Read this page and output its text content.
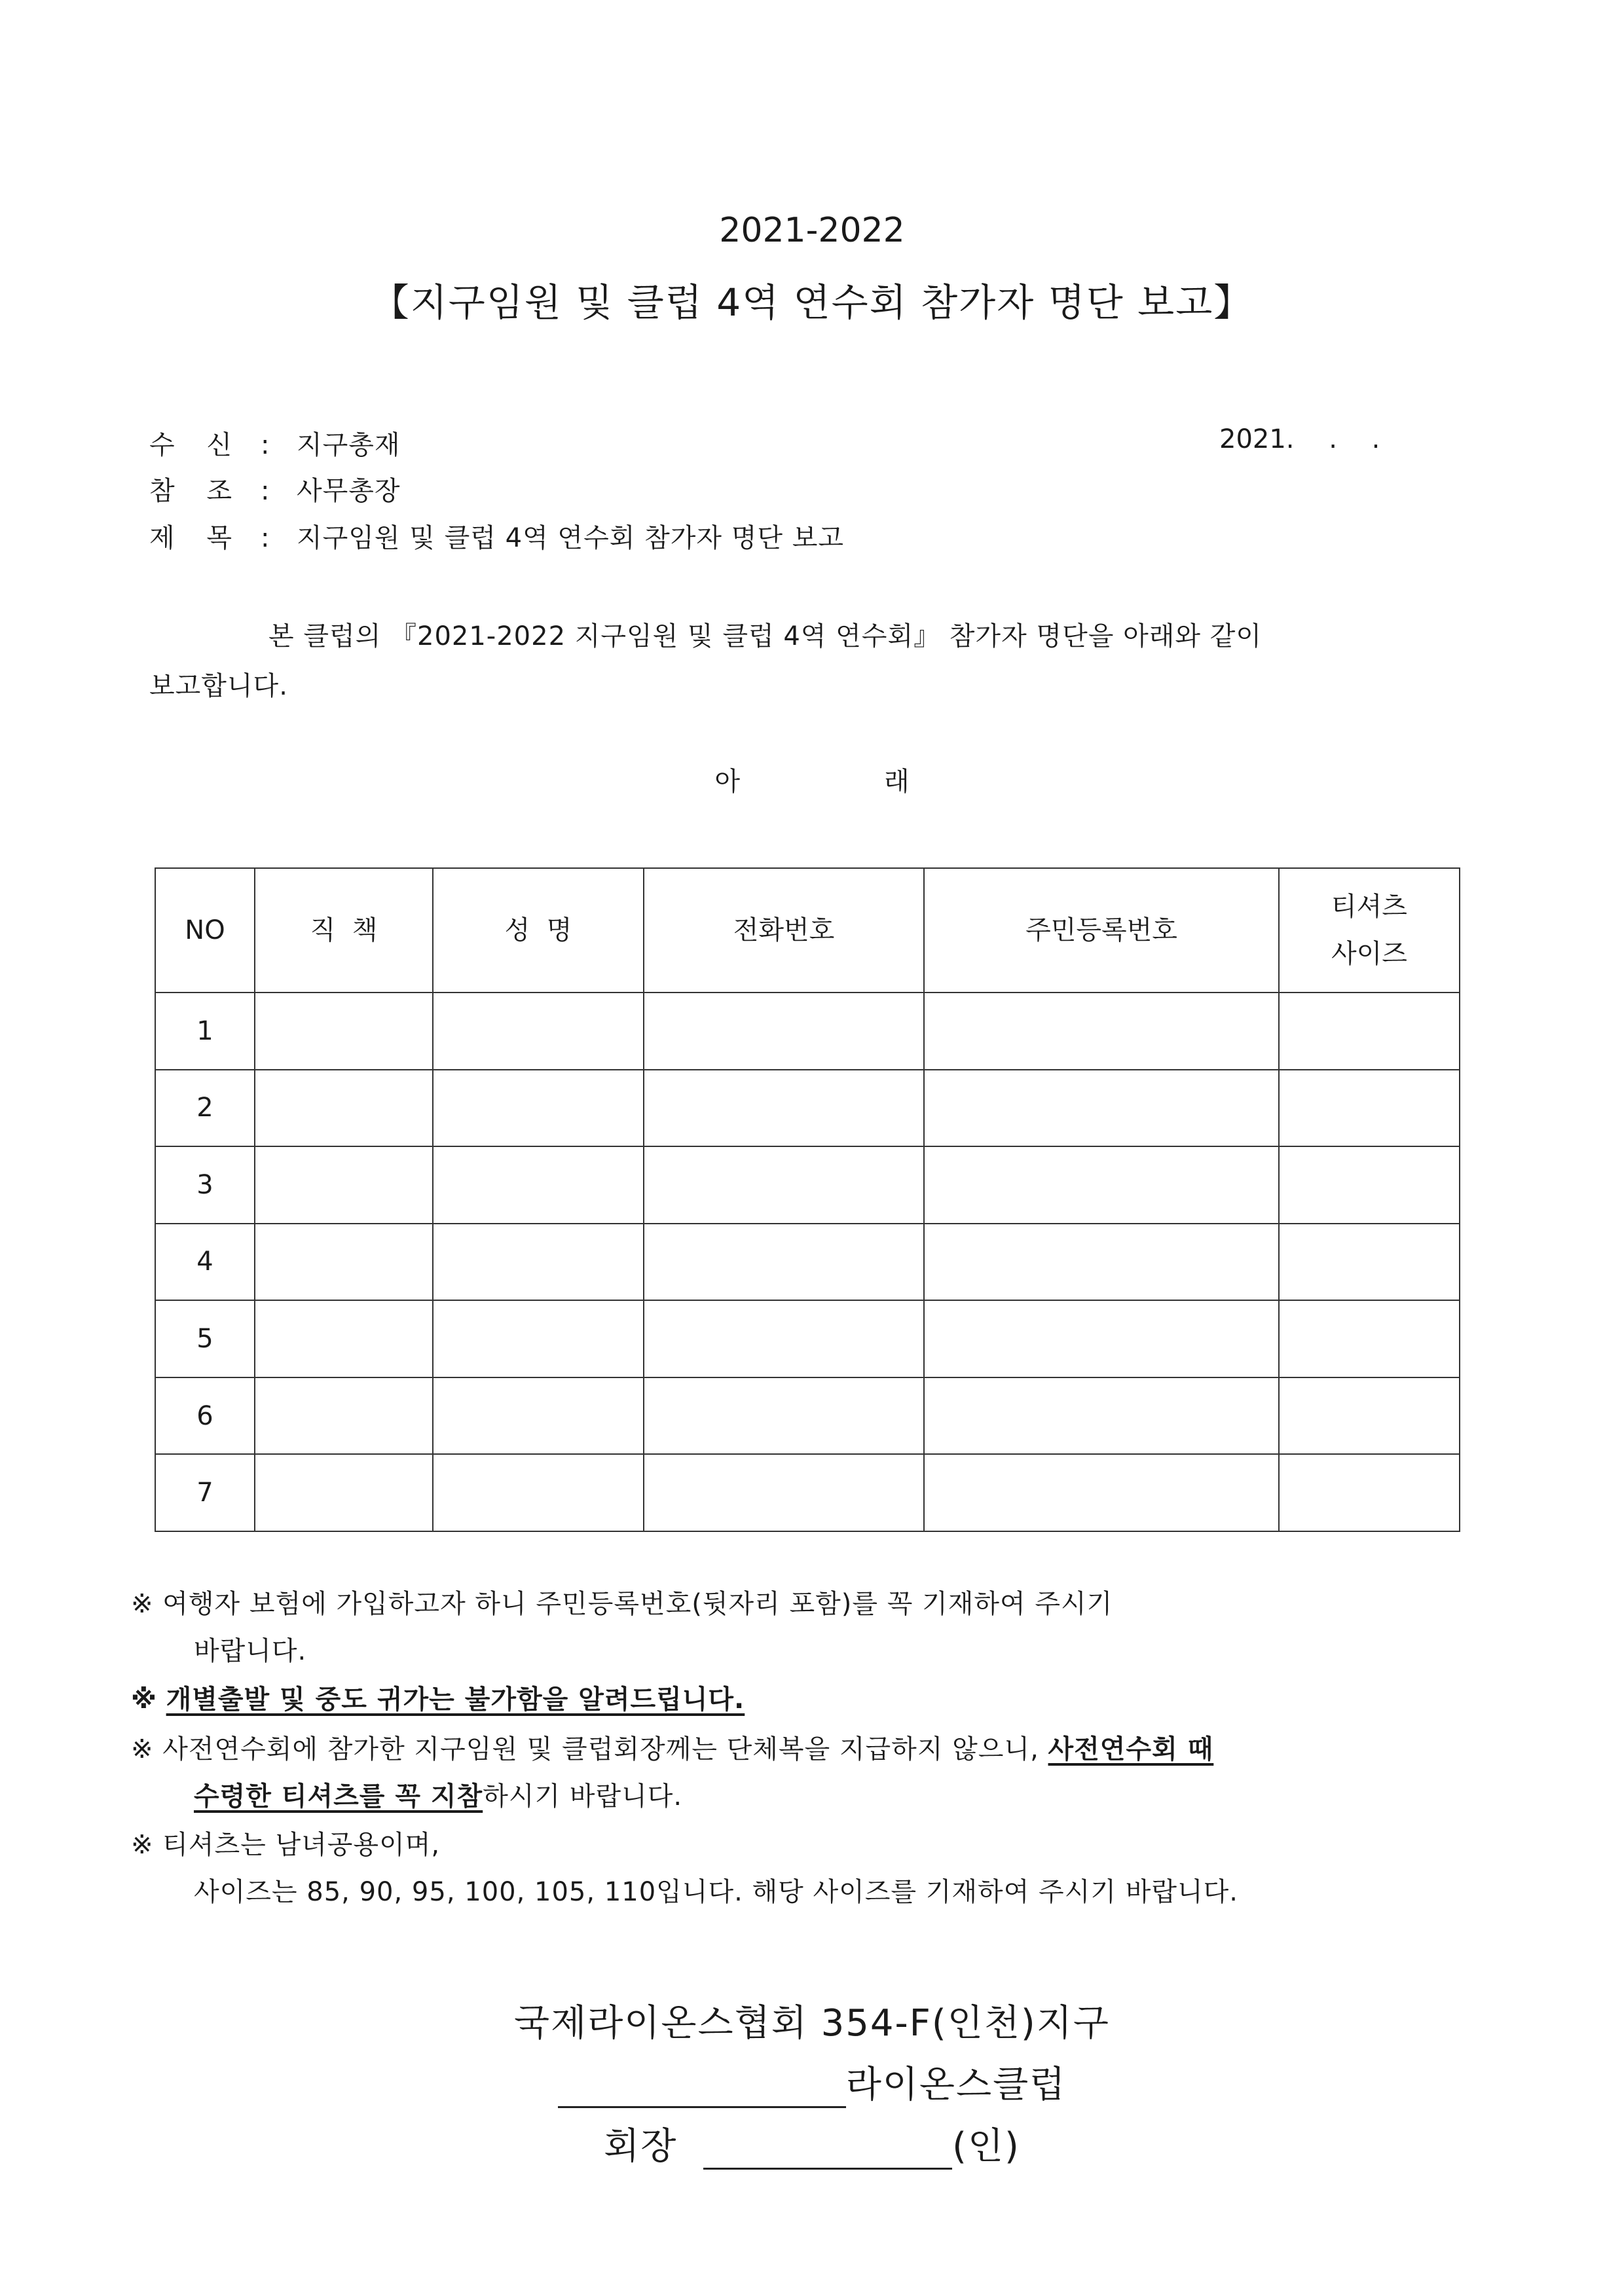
2021-2022
【지구임원 및 클럽 4역 연수회 참가자 명단 보고】
수 신 : 지구총재	2021. . .
참 조 : 사무총장
제 목 : 지구임원 및 클럽 4역 연수회 참가자 명단 보고
본 클럽의 『2021-2022 지구임원 및 클럽 4역 연수회』 참가자 명단을 아래와 같이
보고합니다.
아	래
NO	직  책	성  명	전화번호	주민등록번호	티셔츠
사이즈

1					
2					
3					
4					
5					
6					
7					
※ 여행자 보험에 가입하고자 하니 주민등록번호(뒷자리 포함)를 꼭 기재하여 주시기
바랍니다.
※ 개별출발 및 중도 귀가는 불가함을 알려드립니다.
※ 사전연수회에 참가한 지구임원 및 클럽회장께는 단체복을 지급하지 않으니, 사전연수회 때
수령한 티셔츠를 꼭 지참하시기 바랍니다.
※ 티셔츠는 남녀공용이며,
사이즈는 85, 90, 95, 100, 105, 110입니다. 해당 사이즈를 기재하여 주시기 바랍니다.
국제라이온스협회 354-F(인천)지구
라이온스클럽
회장	(인)
